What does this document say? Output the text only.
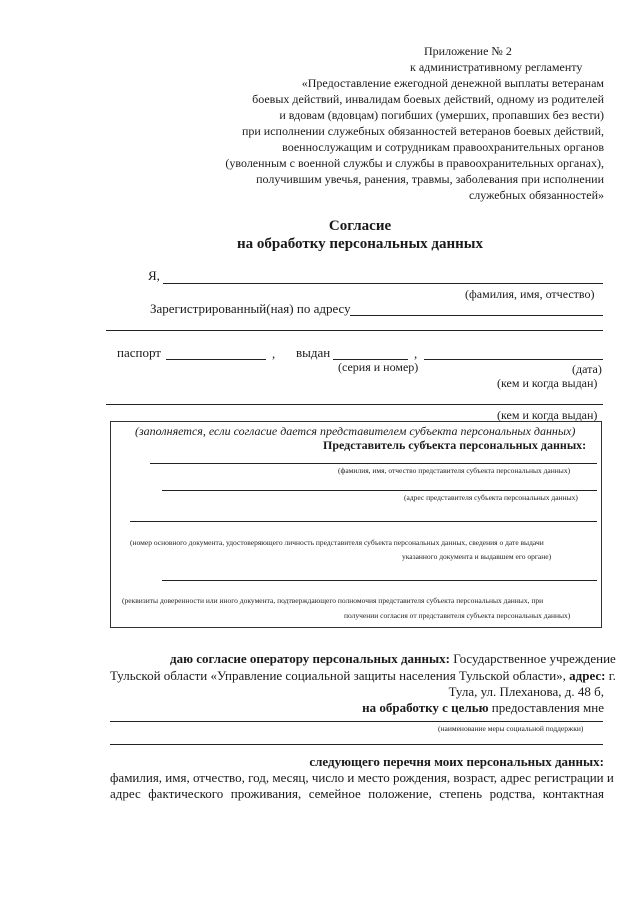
Приложение № 2
к административному регламенту
«Предоставление ежегодной денежной выплаты ветеранам
боевых действий, инвалидам боевых действий, одному из родителей
и вдовам (вдовцам) погибших (умерших, пропавших без вести)
при исполнении служебных обязанностей ветеранов боевых действий,
военнослужащим и сотрудникам правоохранительных органов
(уволенным с военной службы и службы в правоохранительных органах),
получившим увечья, ранения, травмы, заболевания при исполнении
служебных обязанностей»
Согласие
на обработку персональных данных
Я,
(фамилия, имя, отчество)
Зарегистрированный(ная) по адресу
паспорт	, выдан	,
(серия и номер)	(дата)
(кем и когда выдан)
(кем и когда выдан)
(заполняется, если согласие дается представителем субъекта персональных данных)
Представитель субъекта персональных данных:
(фамилия, имя, отчество представителя субъекта персональных данных)
(адрес представителя субъекта персональных данных)
(номер основного документа, удостоверяющего личность представителя субъекта персональных данных, сведения о дате выдачи
указанного документа и выдавшем его органе)
(реквизиты доверенности или иного документа, подтверждающего полномочия представителя субъекта персональных данных, при
получении согласия от представителя субъекта персональных данных)
даю согласие оператору персональных данных: Государственное учреждение
Тульской области «Управление социальной защиты населения Тульской области», адрес: г.
Тула, ул. Плеханова, д. 48 б,
на обработку с целью предоставления мне
(наименование меры социальной поддержки)
следующего перечня моих персональных данных:
фамилия, имя, отчество, год, месяц, число и место рождения, возраст, адрес регистрации и
адрес фактического проживания, семейное положение, степень родства, контактная
